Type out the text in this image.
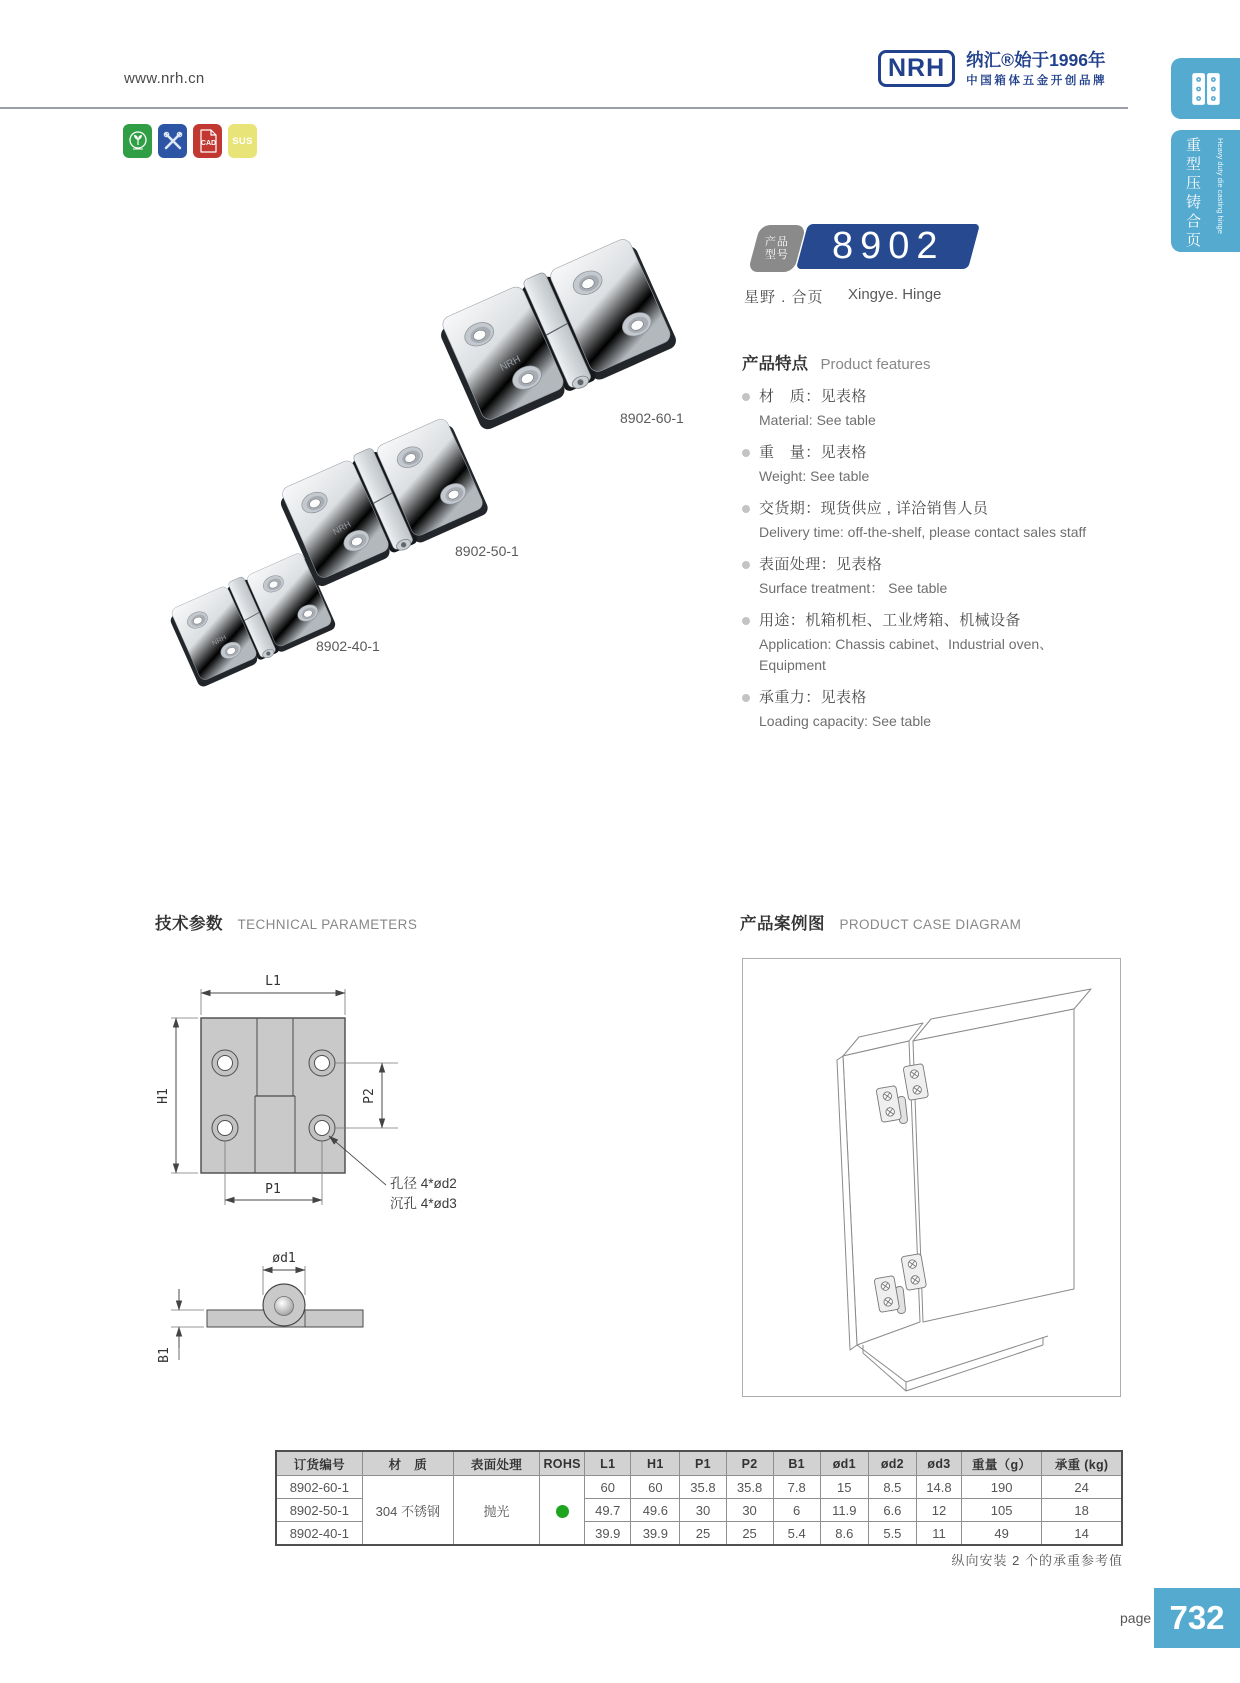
www.nrh.cn	NRH	纳汇®始于1996年
中国箱体五金开创品牌
重型压铸合页 Heavy duty die casting hinge
CAD SUS
NRH
8902-60-1
8902-50-1
8902-40-1
产品
型号 8902
星野 . 合页 Xingye. Hinge
产品特点 Product features
材　质：见表格
Material: See table
重　量：见表格
Weight: See table
交货期：现货供应 , 详洽销售人员
Delivery time: off-the-shelf, please contact sales staff
表面处理：见表格
Surface treatment： See table
用途：机箱机柜、工业烤箱、机械设备
Application: Chassis cabinet、Industrial oven、Equipment
承重力：见表格
Loading capacity: See table
技术参数 TECHNICAL PARAMETERS	产品案例图 PRODUCT CASE DIAGRAM
L1
H1	P2
P1	孔径 4*ød2
沉孔 4*ød3
ød1
B1
订货编号	材　质	表面处理	ROHS	L1	H1	P1	P2	B1	ød1	ød2	ød3	重量（g）	承重 (kg)
8902-60-1	304 不锈钢	抛光		60	60	35.8	35.8	7.8	15	8.5	14.8	190	24
8902-50-1				49.7	49.6	30	30	6	11.9	6.6	12	105	18
8902-40-1				39.9	39.9	25	25	5.4	8.6	5.5	11	49	14
纵向安装 2 个的承重参考值
page 732
